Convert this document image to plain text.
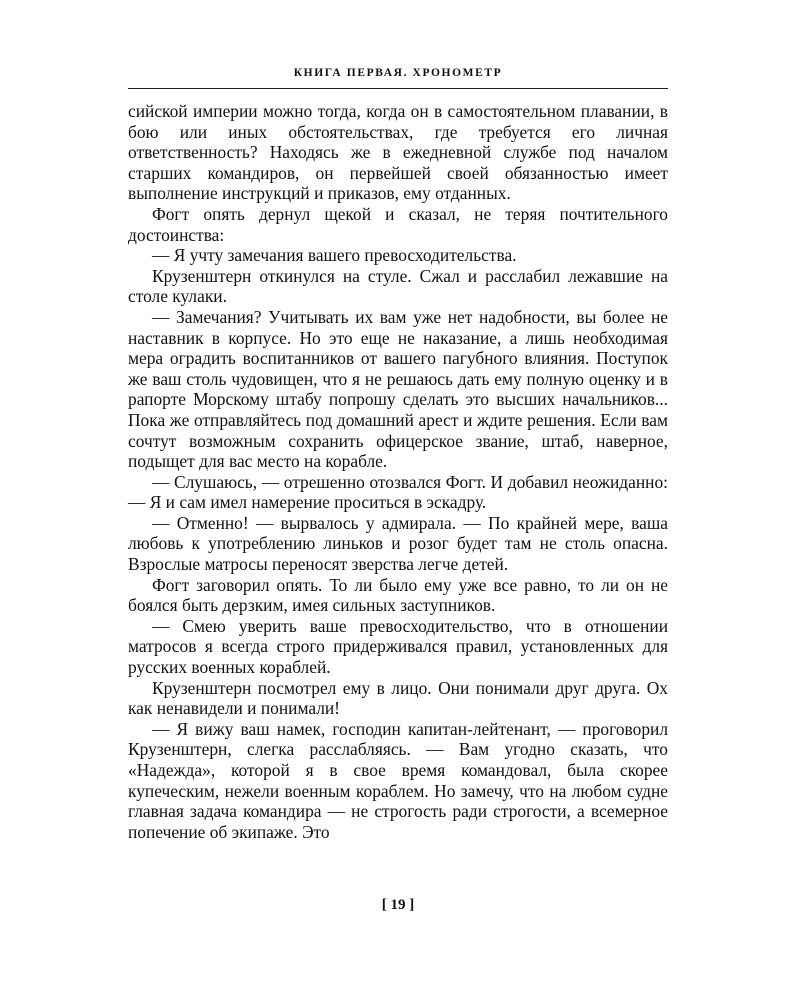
КНИГА ПЕРВАЯ. ХРОНОМЕТР

сийской империи можно тогда, когда он в самостоятельном плавании, в бою или иных обстоятельствах, где требуется его личная ответственность? Находясь же в ежедневной службе под началом старших командиров, он первейшей своей обязанностью имеет выполнение инструкций и приказов, ему отданных.

Фогт опять дернул щекой и сказал, не теряя почтительного достоинства:

— Я учту замечания вашего превосходительства.

Крузенштерн откинулся на стуле. Сжал и расслабил лежавшие на столе кулаки.

— Замечания? Учитывать их вам уже нет надобности, вы более не наставник в корпусе. Но это еще не наказание, а лишь необходимая мера оградить воспитанников от вашего пагубного влияния. Поступок же ваш столь чудовищен, что я не решаюсь дать ему полную оценку и в рапорте Морскому штабу попрошу сделать это высших начальников... Пока же отправляйтесь под домашний арест и ждите решения. Если вам сочтут возможным сохранить офицерское звание, штаб, наверное, подыщет для вас место на корабле.

— Слушаюсь, — отрешенно отозвался Фогт. И добавил неожиданно: — Я и сам имел намерение проситься в эскадру.

— Отменно! — вырвалось у адмирала. — По крайней мере, ваша любовь к употреблению линьков и розог будет там не столь опасна. Взрослые матросы переносят зверства легче детей.

Фогт заговорил опять. То ли было ему уже все равно, то ли он не боялся быть дерзким, имея сильных заступников.

— Смею уверить ваше превосходительство, что в отношении матросов я всегда строго придерживался правил, установленных для русских военных кораблей.

Крузенштерн посмотрел ему в лицо. Они понимали друг друга. Ох как ненавидели и понимали!

— Я вижу ваш намек, господин капитан-лейтенант, — проговорил Крузенштерн, слегка расслабляясь. — Вам угодно сказать, что «Надежда», которой я в свое время командовал, была скорее купеческим, нежели военным кораблем. Но замечу, что на любом судне главная задача командира — не строгость ради строгости, а всемерное попечение об экипаже. Это

[ 19 ]
